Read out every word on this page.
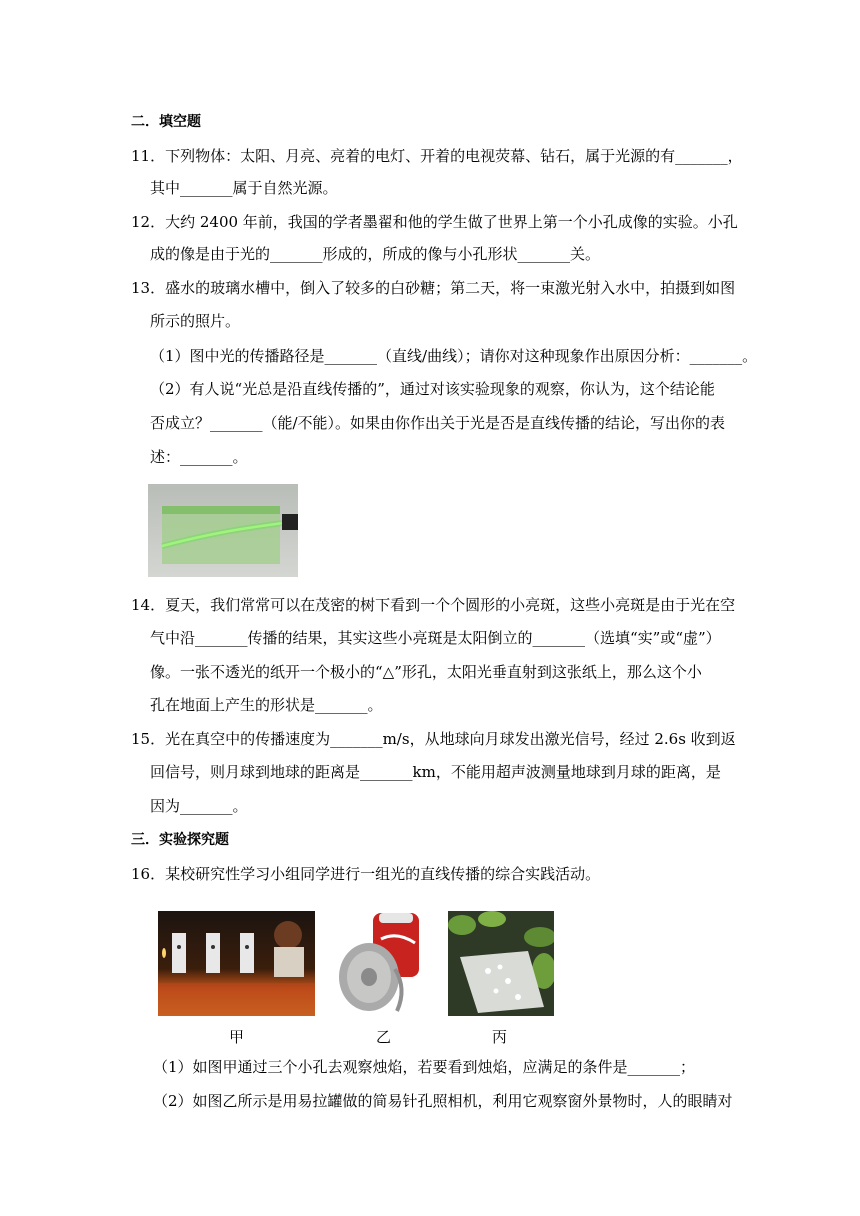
二．填空题
11．下列物体：太阳、月亮、亮着的电灯、开着的电视荧幕、钻石，属于光源的有_______，
其中_______属于自然光源。
12．大约 2400 年前，我国的学者墨翟和他的学生做了世界上第一个小孔成像的实验。小孔
成的像是由于光的_______形成的，所成的像与小孔形状_______关。
13．盛水的玻璃水槽中，倒入了较多的白砂糖；第二天，将一束激光射入水中，拍摄到如图
所示的照片。
（1）图中光的传播路径是_______（直线/曲线）；请你对这种现象作出原因分析：_______。
（2）有人说“光总是沿直线传播的”，通过对该实验现象的观察，你认为，这个结论能
否成立？_______（能/不能）。如果由你作出关于光是否是直线传播的结论，写出你的表
述：_______。
14．夏天，我们常常可以在茂密的树下看到一个个圆形的小亮斑，这些小亮斑是由于光在空
气中沿_______传播的结果，其实这些小亮斑是太阳倒立的_______（选填“实”或“虚”）
像。一张不透光的纸开一个极小的“△”形孔，太阳光垂直射到这张纸上，那么这个小
孔在地面上产生的形状是_______。
15．光在真空中的传播速度为_______m/s，从地球向月球发出激光信号，经过 2.6s 收到返
回信号，则月球到地球的距离是_______km，不能用超声波测量地球到月球的距离，是
因为_______。
三．实验探究题
16．某校研究性学习小组同学进行一组光的直线传播的综合实践活动。
甲	乙	丙
（1）如图甲通过三个小孔去观察烛焰，若要看到烛焰，应满足的条件是_______；
（2）如图乙所示是用易拉罐做的简易针孔照相机，利用它观察窗外景物时，人的眼睛对
